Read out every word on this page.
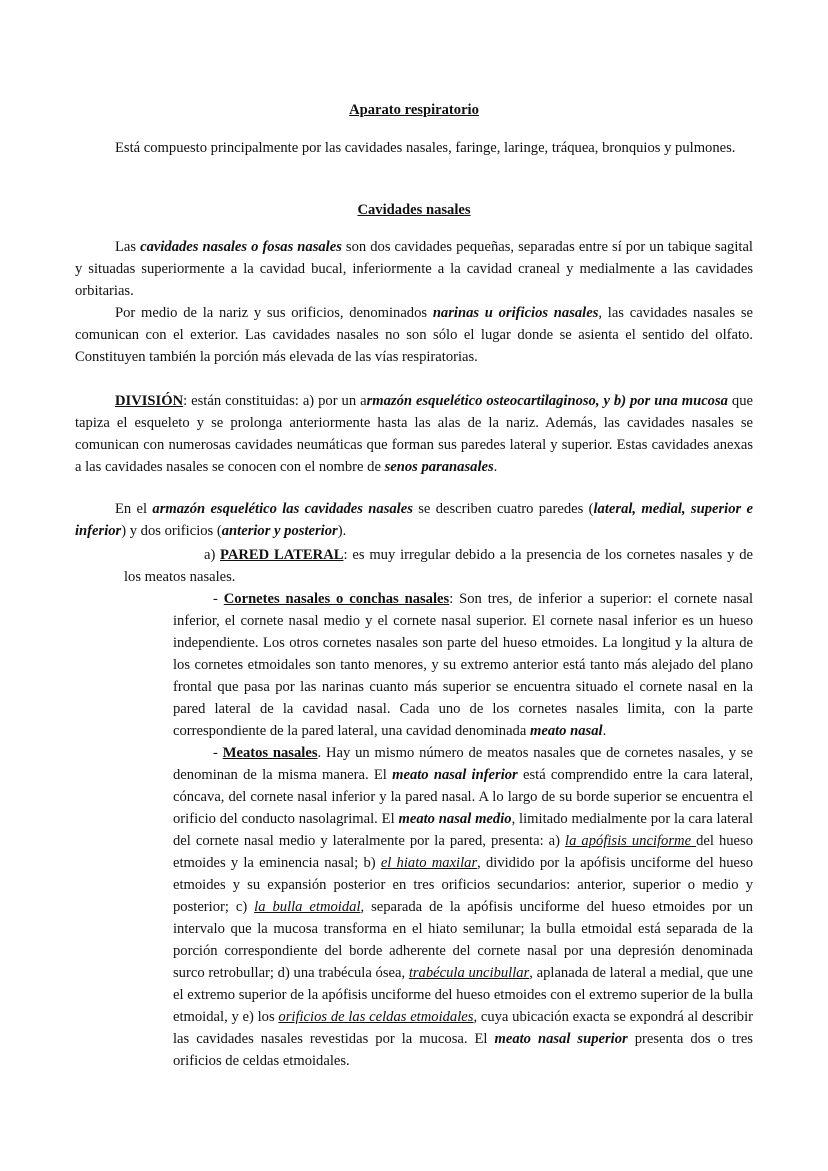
Aparato respiratorio

Está compuesto principalmente por las cavidades nasales, faringe, laringe, tráquea, bronquios y pulmones.

Cavidades nasales

Las cavidades nasales o fosas nasales son dos cavidades pequeñas, separadas entre sí por un tabique sagital y situadas superiormente a la cavidad bucal, inferiormente a la cavidad craneal y medialmente a las cavidades orbitarias.

Por medio de la nariz y sus orificios, denominados narinas u orificios nasales, las cavidades nasales se comunican con el exterior. Las cavidades nasales no son sólo el lugar donde se asienta el sentido del olfato. Constituyen también la porción más elevada de las vías respiratorias.

DIVISIÓN: están constituidas: a) por un armazón esquelético osteocartilaginoso, y b) por una mucosa que tapiza el esqueleto y se prolonga anteriormente hasta las alas de la nariz. Además, las cavidades nasales se comunican con numerosas cavidades neumáticas que forman sus paredes lateral y superior. Estas cavidades anexas a las cavidades nasales se conocen con el nombre de senos paranasales.

En el armazón esquelético las cavidades nasales se describen cuatro paredes (lateral, medial, superior e inferior) y dos orificios (anterior y posterior).

a) PARED LATERAL: es muy irregular debido a la presencia de los cornetes nasales y de los meatos nasales.

- Cornetes nasales o conchas nasales: Son tres, de inferior a superior: el cornete nasal inferior, el cornete nasal medio y el cornete nasal superior. El cornete nasal inferior es un hueso independiente. Los otros cornetes nasales son parte del hueso etmoides. La longitud y la altura de los cornetes etmoidales son tanto menores, y su extremo anterior está tanto más alejado del plano frontal que pasa por las narinas cuanto más superior se encuentra situado el cornete nasal en la pared lateral de la cavidad nasal. Cada uno de los cornetes nasales limita, con la parte correspondiente de la pared lateral, una cavidad denominada meato nasal.

- Meatos nasales. Hay un mismo número de meatos nasales que de cornetes nasales, y se denominan de la misma manera. El meato nasal inferior está comprendido entre la cara lateral, cóncava, del cornete nasal inferior y la pared nasal. A lo largo de su borde superior se encuentra el orificio del conducto nasolagrimal. El meato nasal medio, limitado medialmente por la cara lateral del cornete nasal medio y lateralmente por la pared, presenta: a) la apófisis unciforme del hueso etmoides y la eminencia nasal; b) el hiato maxilar, dividido por la apófisis unciforme del hueso etmoides y su expansión posterior en tres orificios secundarios: anterior, superior o medio y posterior; c) la bulla etmoidal, separada de la apófisis unciforme del hueso etmoides por un intervalo que la mucosa transforma en el hiato semilunar; la bulla etmoidal está separada de la porción correspondiente del borde adherente del cornete nasal por una depresión denominada surco retrobullar; d) una trabécula ósea, trabécula uncibullar, aplanada de lateral a medial, que une el extremo superior de la apófisis unciforme del hueso etmoides con el extremo superior de la bulla etmoidal, y e) los orificios de las celdas etmoidales, cuya ubicación exacta se expondrá al describir las cavidades nasales revestidas por la mucosa. El meato nasal superior presenta dos o tres orificios de celdas etmoidales.
